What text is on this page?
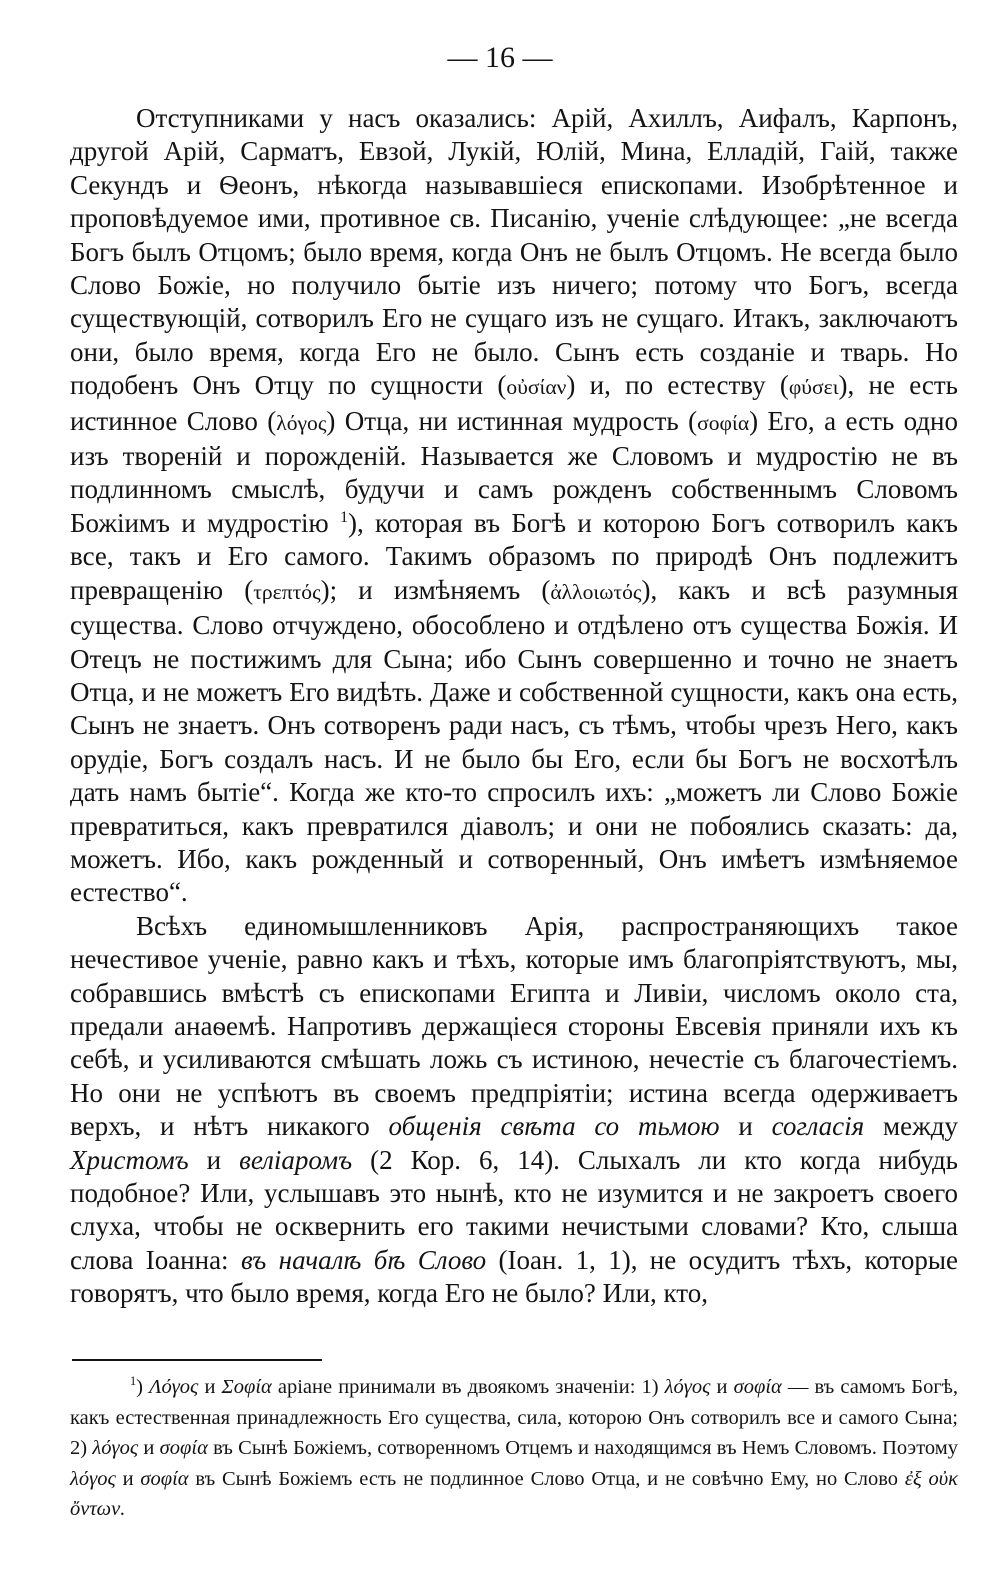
— 16 —

Отступниками у насъ оказались: Арій, Ахиллъ, Аифалъ, Карпонъ, другой Арій, Сарматъ, Евзой, Лукій, Юлій, Мина, Елладій, Гаій, также Секундъ и Ѳеонъ, нѣкогда называвшіеся епископами. Изобрѣтенное и проповѣдуемое ими, противное св. Писанію, ученіе слѣдующее: „не всегда Богъ былъ Отцомъ; было время, когда Онъ не былъ Отцомъ. Не всегда было Слово Божіе, но получило бытіе изъ ничего; потому что Богъ, всегда существующій, сотворилъ Его не сущаго изъ не сущаго. Итакъ, заключаютъ они, было время, когда Его не было. Сынъ есть созданіе и тварь. Но подобенъ Онъ Отцу по сущности (οὐσίαν) и, по естеству (φύσει), не есть истинное Слово (λόγος) Отца, ни истинная мудрость (σοφία) Его, а есть одно изъ твореній и порожденій. Называется же Словомъ и мудростію не въ подлинномъ смыслѣ, будучи и самъ рожденъ собственнымъ Словомъ Божіимъ и мудростію $^1$), которая въ Богѣ и которою Богъ сотворилъ какъ все, такъ и Его самого. Такимъ образомъ по природѣ Онъ подлежитъ превращенію (τρεπτός); и измѣняемъ (ἀλλοιωτός), какъ и всѣ разумныя существа. Слово отчуждено, обособлено и отдѣлено отъ существа Божія. И Отецъ не постижимъ для Сына; ибо Сынъ совершенно и точно не знаетъ Отца, и не можетъ Его видѣть. Даже и собственной сущности, какъ она есть, Сынъ не знаетъ. Онъ сотворенъ ради насъ, съ тѣмъ, чтобы чрезъ Него, какъ орудіе, Богъ создалъ насъ. И не было бы Его, если бы Богъ не восхотѣлъ дать намъ бытіе“. Когда же кто-то спросилъ ихъ: „можетъ ли Слово Божіе превратиться, какъ превратился діаволъ; и они не побоялись сказать: да, можетъ. Ибо, какъ рожденный и сотворенный, Онъ имѣетъ измѣняемое естество“.

Всѣхъ единомышленниковъ Арія, распространяющихъ такое нечестивое ученіе, равно какъ и тѣхъ, которые имъ благопріятствуютъ, мы, собравшись вмѣстѣ съ епископами Египта и Ливіи, числомъ около ста, предали анаѳемѣ. Напротивъ держащіеся стороны Евсевія приняли ихъ къ себѣ, и усиливаются смѣшать ложь съ истиною, нечестіе съ благочестіемъ. Но они не успѣютъ въ своемъ предпріятіи; истина всегда одерживаетъ верхъ, и нѣтъ никакого общенія свѣта со тьмою и согласія между Христомъ и веліаромъ (2 Кор. 6, 14). Слыхалъ ли кто когда нибудь подобное? Или, услышавъ это нынѣ, кто не изумится и не закроетъ своего слуха, чтобы не осквернить его такими нечистыми словами? Кто, слыша слова Іоанна: въ началѣ бѣ Слово (Іоан. 1, 1), не осудитъ тѣхъ, которые говорятъ, что было время, когда Его не было? Или, кто,

$^1$) Λόγος и Σοφία аріане принимали въ двоякомъ значеніи: 1) λόγος и σοφία — въ самомъ Богѣ, какъ естественная принадлежность Его существа, сила, которою Онъ сотворилъ все и самого Сына; 2) λόγος и σοφία въ Сынѣ Божіемъ, сотворенномъ Отцемъ и находящимся въ Немъ Словомъ. Поэтому λόγος и σοφία въ Сынѣ Божіемъ есть не подлинное Слово Отца, и не совѣчно Ему, но Слово ἐξ οὐκ ὄντων.
